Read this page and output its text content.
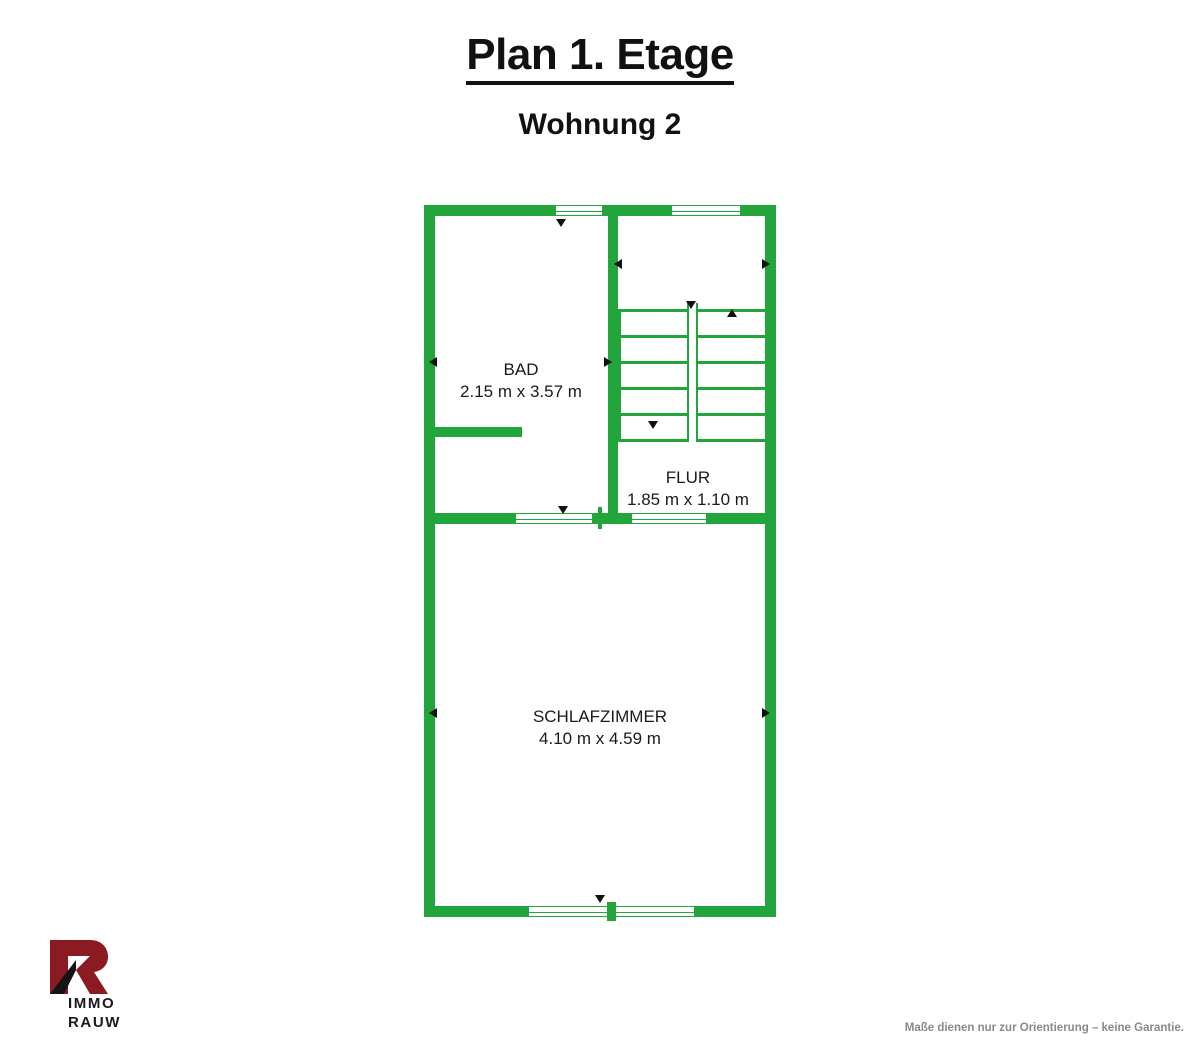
Plan 1. Etage
Wohnung 2
BAD
2.15 m x 3.57 m
FLUR
1.85 m x 1.10 m
SCHLAFZIMMER
4.10 m x 4.59 m
IMMO
RAUW	Maße dienen nur zur Orientierung – keine Garantie.
